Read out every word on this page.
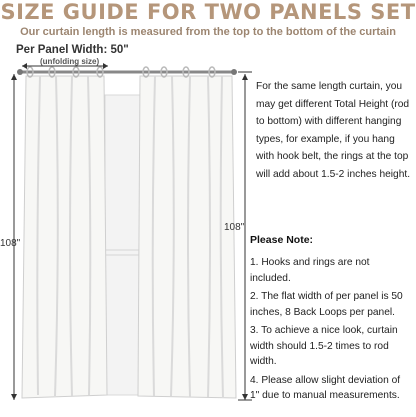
SIZE GUIDE FOR TWO PANELS SET
Our curtain length is measured from the top to the bottom of the curtain
Per Panel Width: 50"
(unfolding size)
108"
108"
For the same length curtain, you may get different Total Height (rod to bottom) with different hanging types, for example, if you hang with hook belt, the rings at the top will add about 1.5-2 inches height.
Please Note:
1. Hooks and rings are not included.
2. The flat width of per panel is 50 inches, 8 Back Loops per panel.
3. To achieve a nice look, curtain width should 1.5-2 times to rod width.
4. Please allow slight deviation of 1" due to manual measurements.
